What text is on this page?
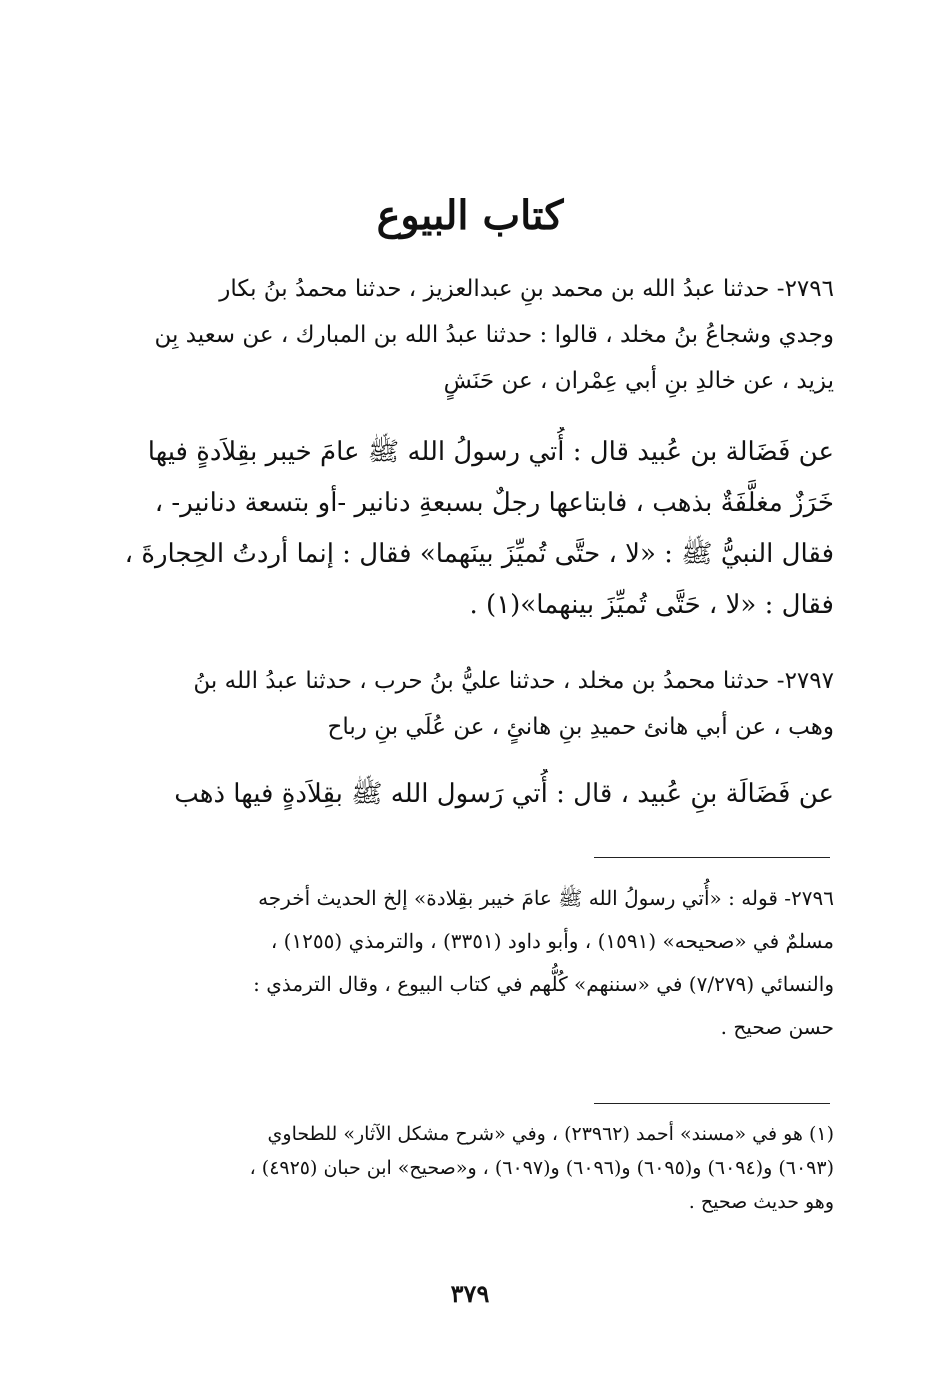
كتاب البيوع
٢٧٩٦- حدثنا عبدُ الله بن محمد بنِ عبدالعزيز ، حدثنا محمدُ بنُ بكار
وجدي وشجاعُ بنُ مخلد ، قالوا : حدثنا عبدُ الله بن المبارك ، عن سعيد بِن
يزيد ، عن خالدِ بنِ أبي عِمْران ، عن حَنَشٍ
عن فَضَالة بن عُبيد قال : أُتي رسولُ الله ﷺ عامَ خيبر بقِلاَدةٍ فيها
خَرَزٌ مغلَّفَةٌ بذهب ، فابتاعها رجلٌ بسبعةِ دنانير -أو بتسعة دنانير- ،
فقال النبيُّ ﷺ : «لا ، حتَّى تُميِّزَ بينَهما» فقال : إنما أردتُ الحِجارةَ ،
فقال : «لا ، حَتَّى تُميِّزَ بينهما»(١) .
٢٧٩٧- حدثنا محمدُ بن مخلد ، حدثنا عليُّ بنُ حرب ، حدثنا عبدُ الله بنُ
وهب ، عن أبي هانئ حميدِ بنِ هانئٍ ، عن عُلَي بنِ رباح
عن فَضَالَة بنِ عُبيد ، قال : أُتي رَسول الله ﷺ بقِلاَدةٍ فيها ذهب
٢٧٩٦- قوله : «أُتي رسولُ الله ﷺ عامَ خيبر بقِلادة» إلخ الحديث أخرجه
مسلمٌ في «صحيحه» (١٥٩١) ، وأبو داود (٣٣٥١) ، والترمذي (١٢٥٥) ،
والنسائي (٧/٢٧٩) في «سننهم» كُلُّهم في كتاب البيوع ، وقال الترمذي :
حسن صحيح .
(١) هو في «مسند» أحمد (٢٣٩٦٢) ، وفي «شرح مشكل الآثار» للطحاوي
(٦٠٩٣) و(٦٠٩٤) و(٦٠٩٥) و(٦٠٩٦) و(٦٠٩٧) ، و«صحيح» ابن حبان (٤٩٢٥) ،
وهو حديث صحيح .
٣٧٩
